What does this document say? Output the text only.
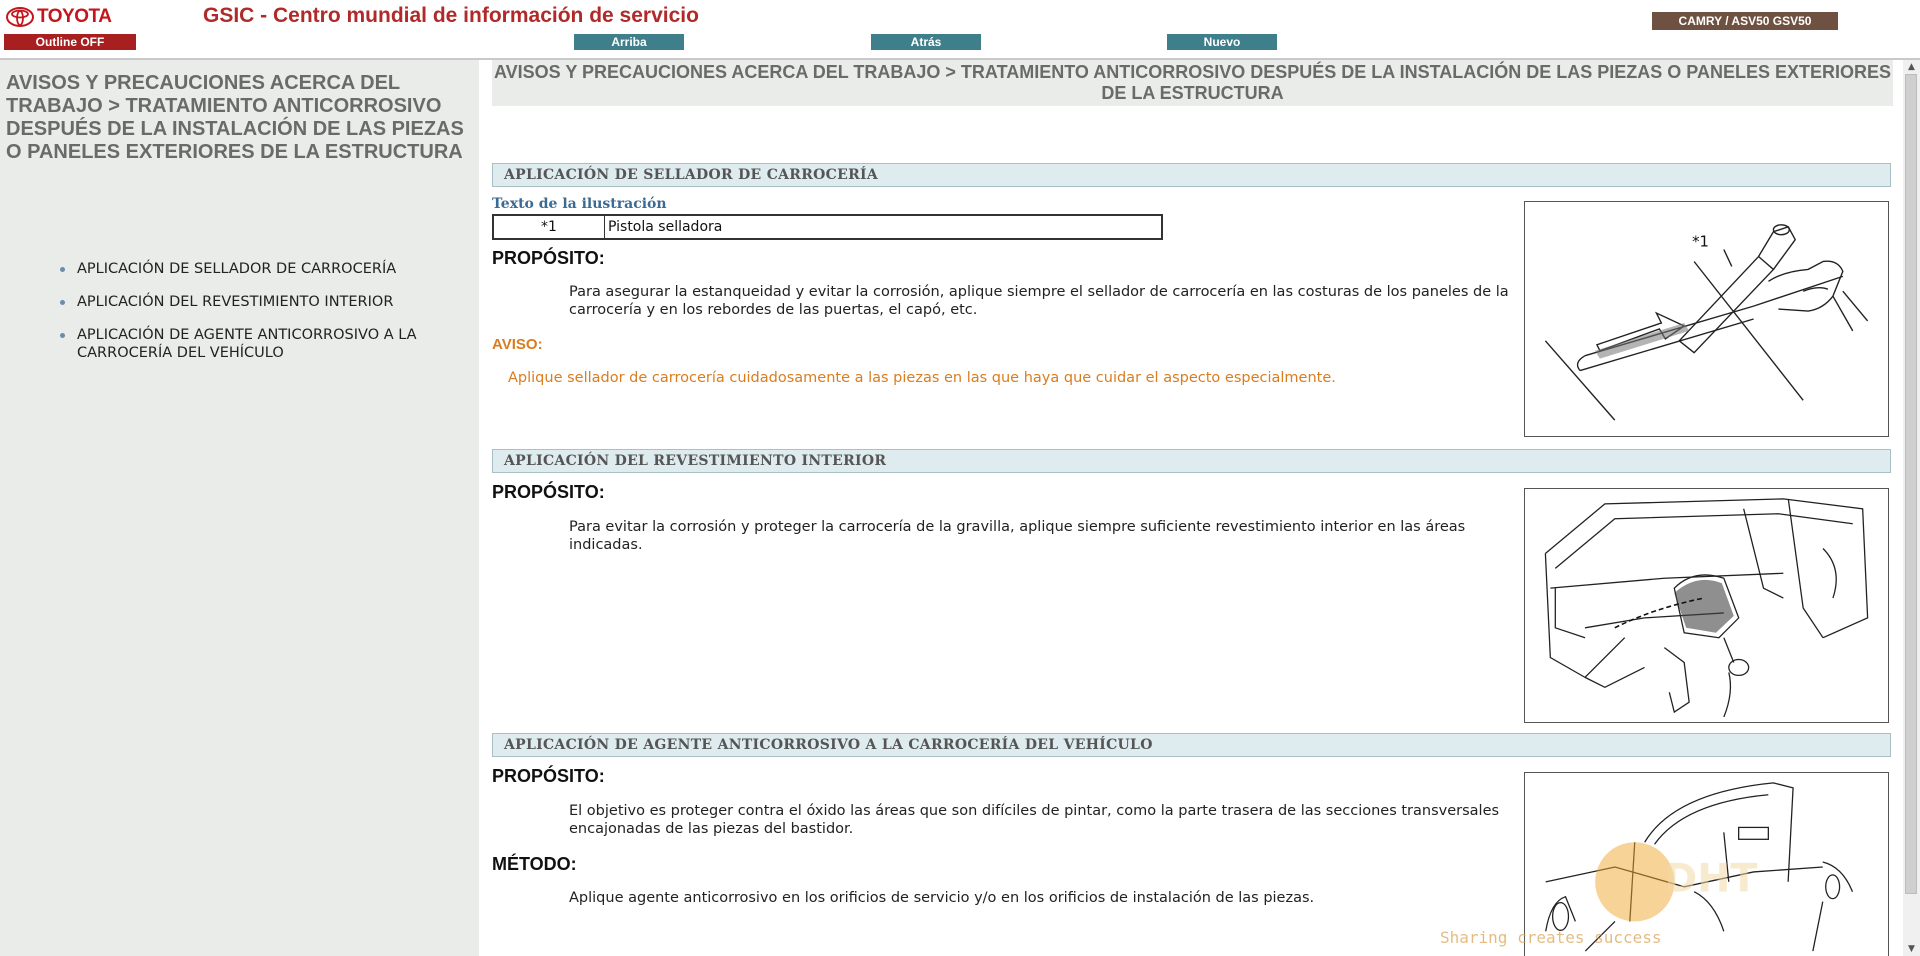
TOYOTA	GSIC - Centro mundial de información de servicio
Outline OFF	Arriba	Atrás	Nuevo
CAMRY / ASV50 GSV50
AVISOS Y PRECAUCIONES ACERCA DEL TRABAJO > TRATAMIENTO ANTICORROSIVO DESPUÉS DE LA INSTALACIÓN DE LAS PIEZAS O PANELES EXTERIORES DE LA ESTRUCTURA
APLICACIÓN DE SELLADOR DE CARROCERÍA
APLICACIÓN DEL REVESTIMIENTO INTERIOR
APLICACIÓN DE AGENTE ANTICORROSIVO A LA CARROCERÍA DEL VEHÍCULO
AVISOS Y PRECAUCIONES ACERCA DEL TRABAJO > TRATAMIENTO ANTICORROSIVO DESPUÉS DE LA INSTALACIÓN DE LAS PIEZAS O PANELES EXTERIORES DE LA ESTRUCTURA
APLICACIÓN DE SELLADOR DE CARROCERÍA
Texto de la ilustración
*1	Pistola selladora
PROPÓSITO:
Para asegurar la estanqueidad y evitar la corrosión, aplique siempre el sellador de carrocería en las costuras de los paneles de la carrocería y en los rebordes de las puertas, el capó, etc.
AVISO:
Aplique sellador de carrocería cuidadosamente a las piezas en las que haya que cuidar el aspecto especialmente.
*1
APLICACIÓN DEL REVESTIMIENTO INTERIOR
PROPÓSITO:
Para evitar la corrosión y proteger la carrocería de la gravilla, aplique siempre suficiente revestimiento interior en las áreas indicadas.
APLICACIÓN DE AGENTE ANTICORROSIVO A LA CARROCERÍA DEL VEHÍCULO
PROPÓSITO:
El objetivo es proteger contra el óxido las áreas que son difíciles de pintar, como la parte trasera de las secciones transversales encajonadas de las piezas del bastidor.
MÉTODO:
Aplique agente anticorrosivo en los orificios de servicio y/o en los orificios de instalación de las piezas.	DHT
Sharing creates success
▲
▼
